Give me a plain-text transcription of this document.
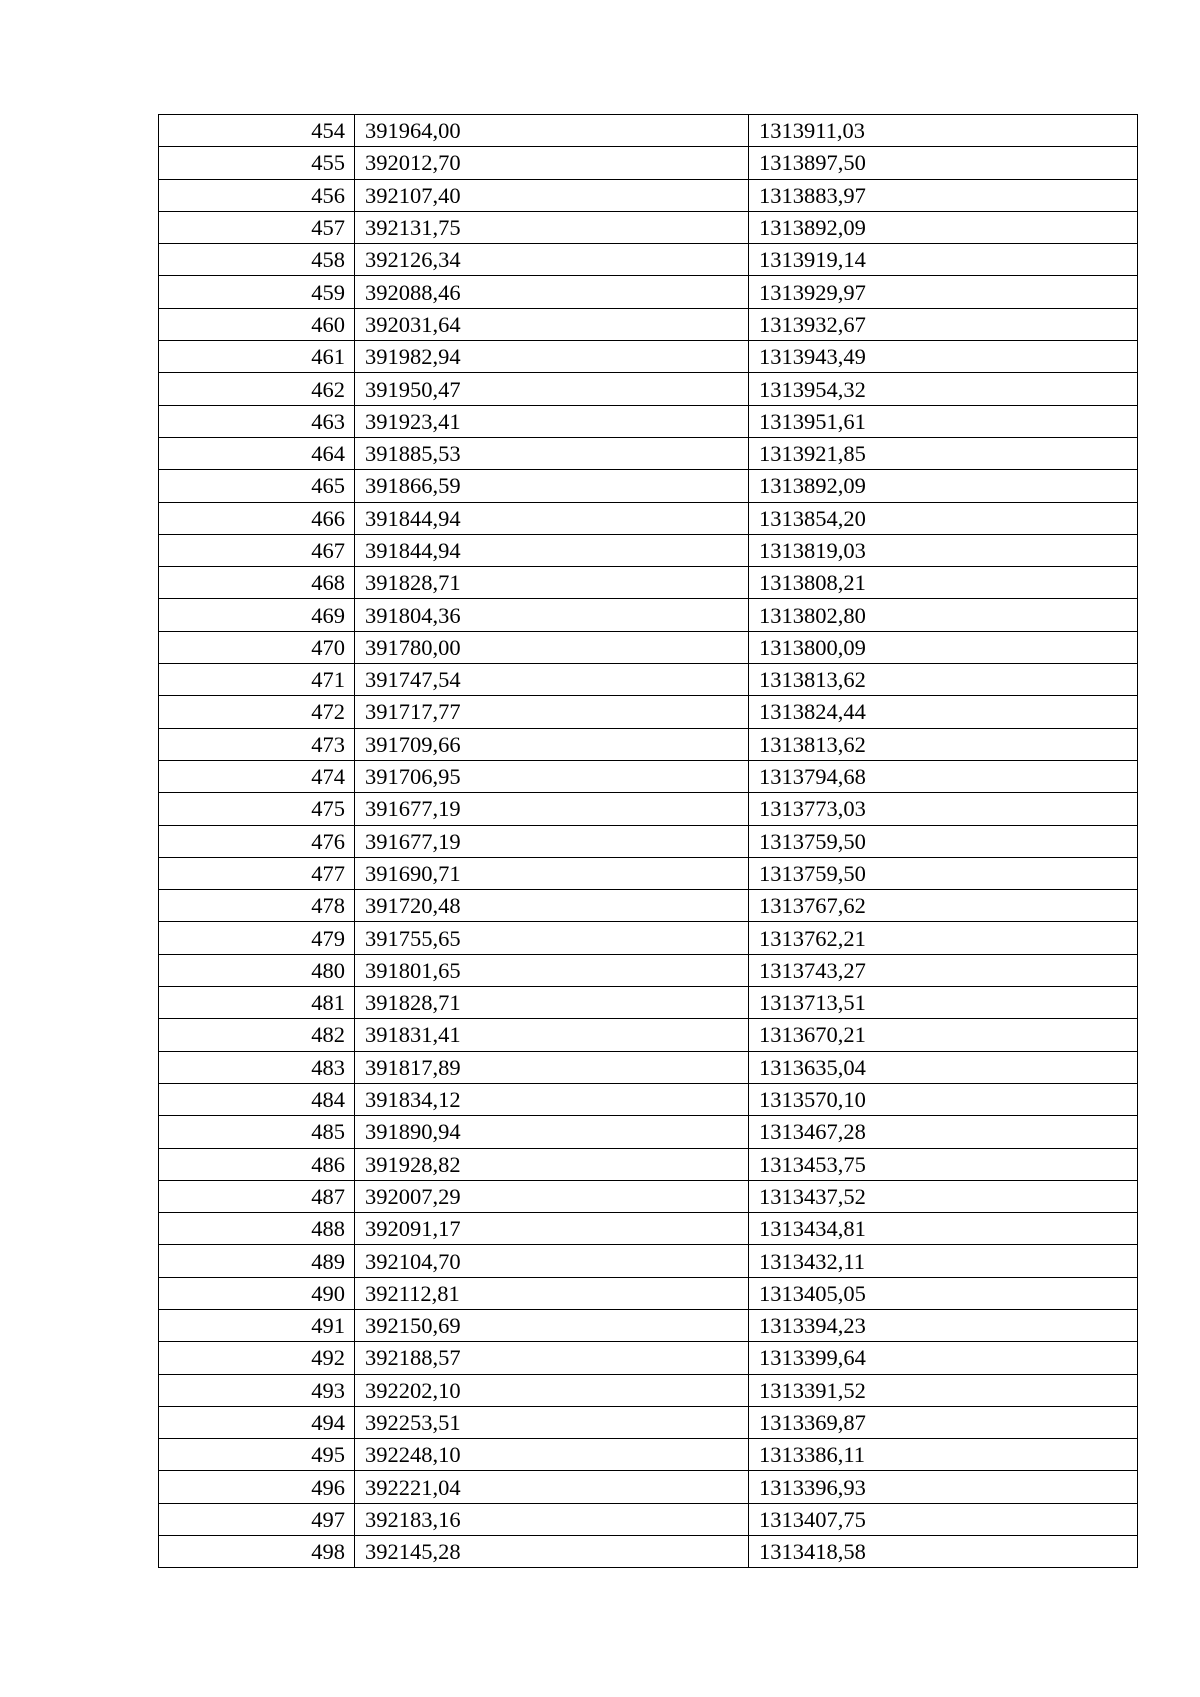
454	391964,00	1313911,03
455	392012,70	1313897,50
456	392107,40	1313883,97
457	392131,75	1313892,09
458	392126,34	1313919,14
459	392088,46	1313929,97
460	392031,64	1313932,67
461	391982,94	1313943,49
462	391950,47	1313954,32
463	391923,41	1313951,61
464	391885,53	1313921,85
465	391866,59	1313892,09
466	391844,94	1313854,20
467	391844,94	1313819,03
468	391828,71	1313808,21
469	391804,36	1313802,80
470	391780,00	1313800,09
471	391747,54	1313813,62
472	391717,77	1313824,44
473	391709,66	1313813,62
474	391706,95	1313794,68
475	391677,19	1313773,03
476	391677,19	1313759,50
477	391690,71	1313759,50
478	391720,48	1313767,62
479	391755,65	1313762,21
480	391801,65	1313743,27
481	391828,71	1313713,51
482	391831,41	1313670,21
483	391817,89	1313635,04
484	391834,12	1313570,10
485	391890,94	1313467,28
486	391928,82	1313453,75
487	392007,29	1313437,52
488	392091,17	1313434,81
489	392104,70	1313432,11
490	392112,81	1313405,05
491	392150,69	1313394,23
492	392188,57	1313399,64
493	392202,10	1313391,52
494	392253,51	1313369,87
495	392248,10	1313386,11
496	392221,04	1313396,93
497	392183,16	1313407,75
498	392145,28	1313418,58
